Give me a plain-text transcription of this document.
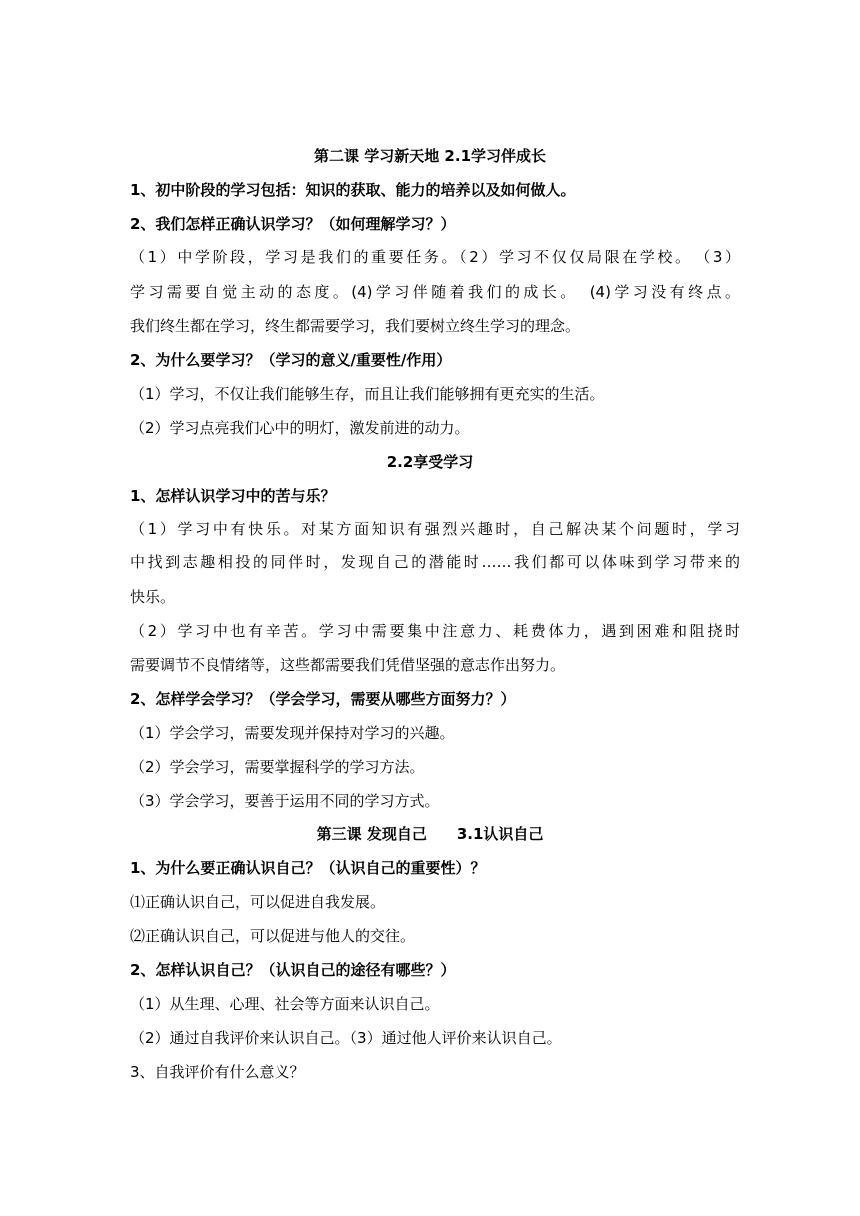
第二课 学习新天地 2.1学习伴成长
1、初中阶段的学习包括：知识的获取、能力的培养以及如何做人。
2、我们怎样正确认识学习？（如何理解学习？）
（1）中学阶段，学习是我们的重要任务。（2）学习不仅仅局限在学校。　（3）
学习需要自觉主动的态度。(4)学习伴随着我们的成长。　(4)学习没有终点。
我们终生都在学习，终生都需要学习，我们要树立终生学习的理念。
2、为什么要学习？（学习的意义/重要性/作用）
（1）学习，不仅让我们能够生存，而且让我们能够拥有更充实的生活。
（2）学习点亮我们心中的明灯，激发前进的动力。
2.2享受学习
1、怎样认识学习中的苦与乐？
（1）学习中有快乐。对某方面知识有强烈兴趣时，自己解决某个问题时，学习
中找到志趣相投的同伴时，发现自己的潜能时……我们都可以体味到学习带来的
快乐。
（2）学习中也有辛苦。学习中需要集中注意力、耗费体力，遇到困难和阻挠时
需要调节不良情绪等，这些都需要我们凭借坚强的意志作出努力。
2、怎样学会学习？（学会学习，需要从哪些方面努力？）
（1）学会学习，需要发现并保持对学习的兴趣。
（2）学会学习，需要掌握科学的学习方法。
（3）学会学习，要善于运用不同的学习方式。
第三课 发现自己　　3.1认识自己
1、为什么要正确认识自己？（认识自己的重要性）？
⑴正确认识自己，可以促进自我发展。
⑵正确认识自己，可以促进与他人的交往。
2、怎样认识自己？（认识自己的途径有哪些？）
（1）从生理、心理、社会等方面来认识自己。
（2）通过自我评价来认识自己。（3）通过他人评价来认识自己。
3、自我评价有什么意义？
